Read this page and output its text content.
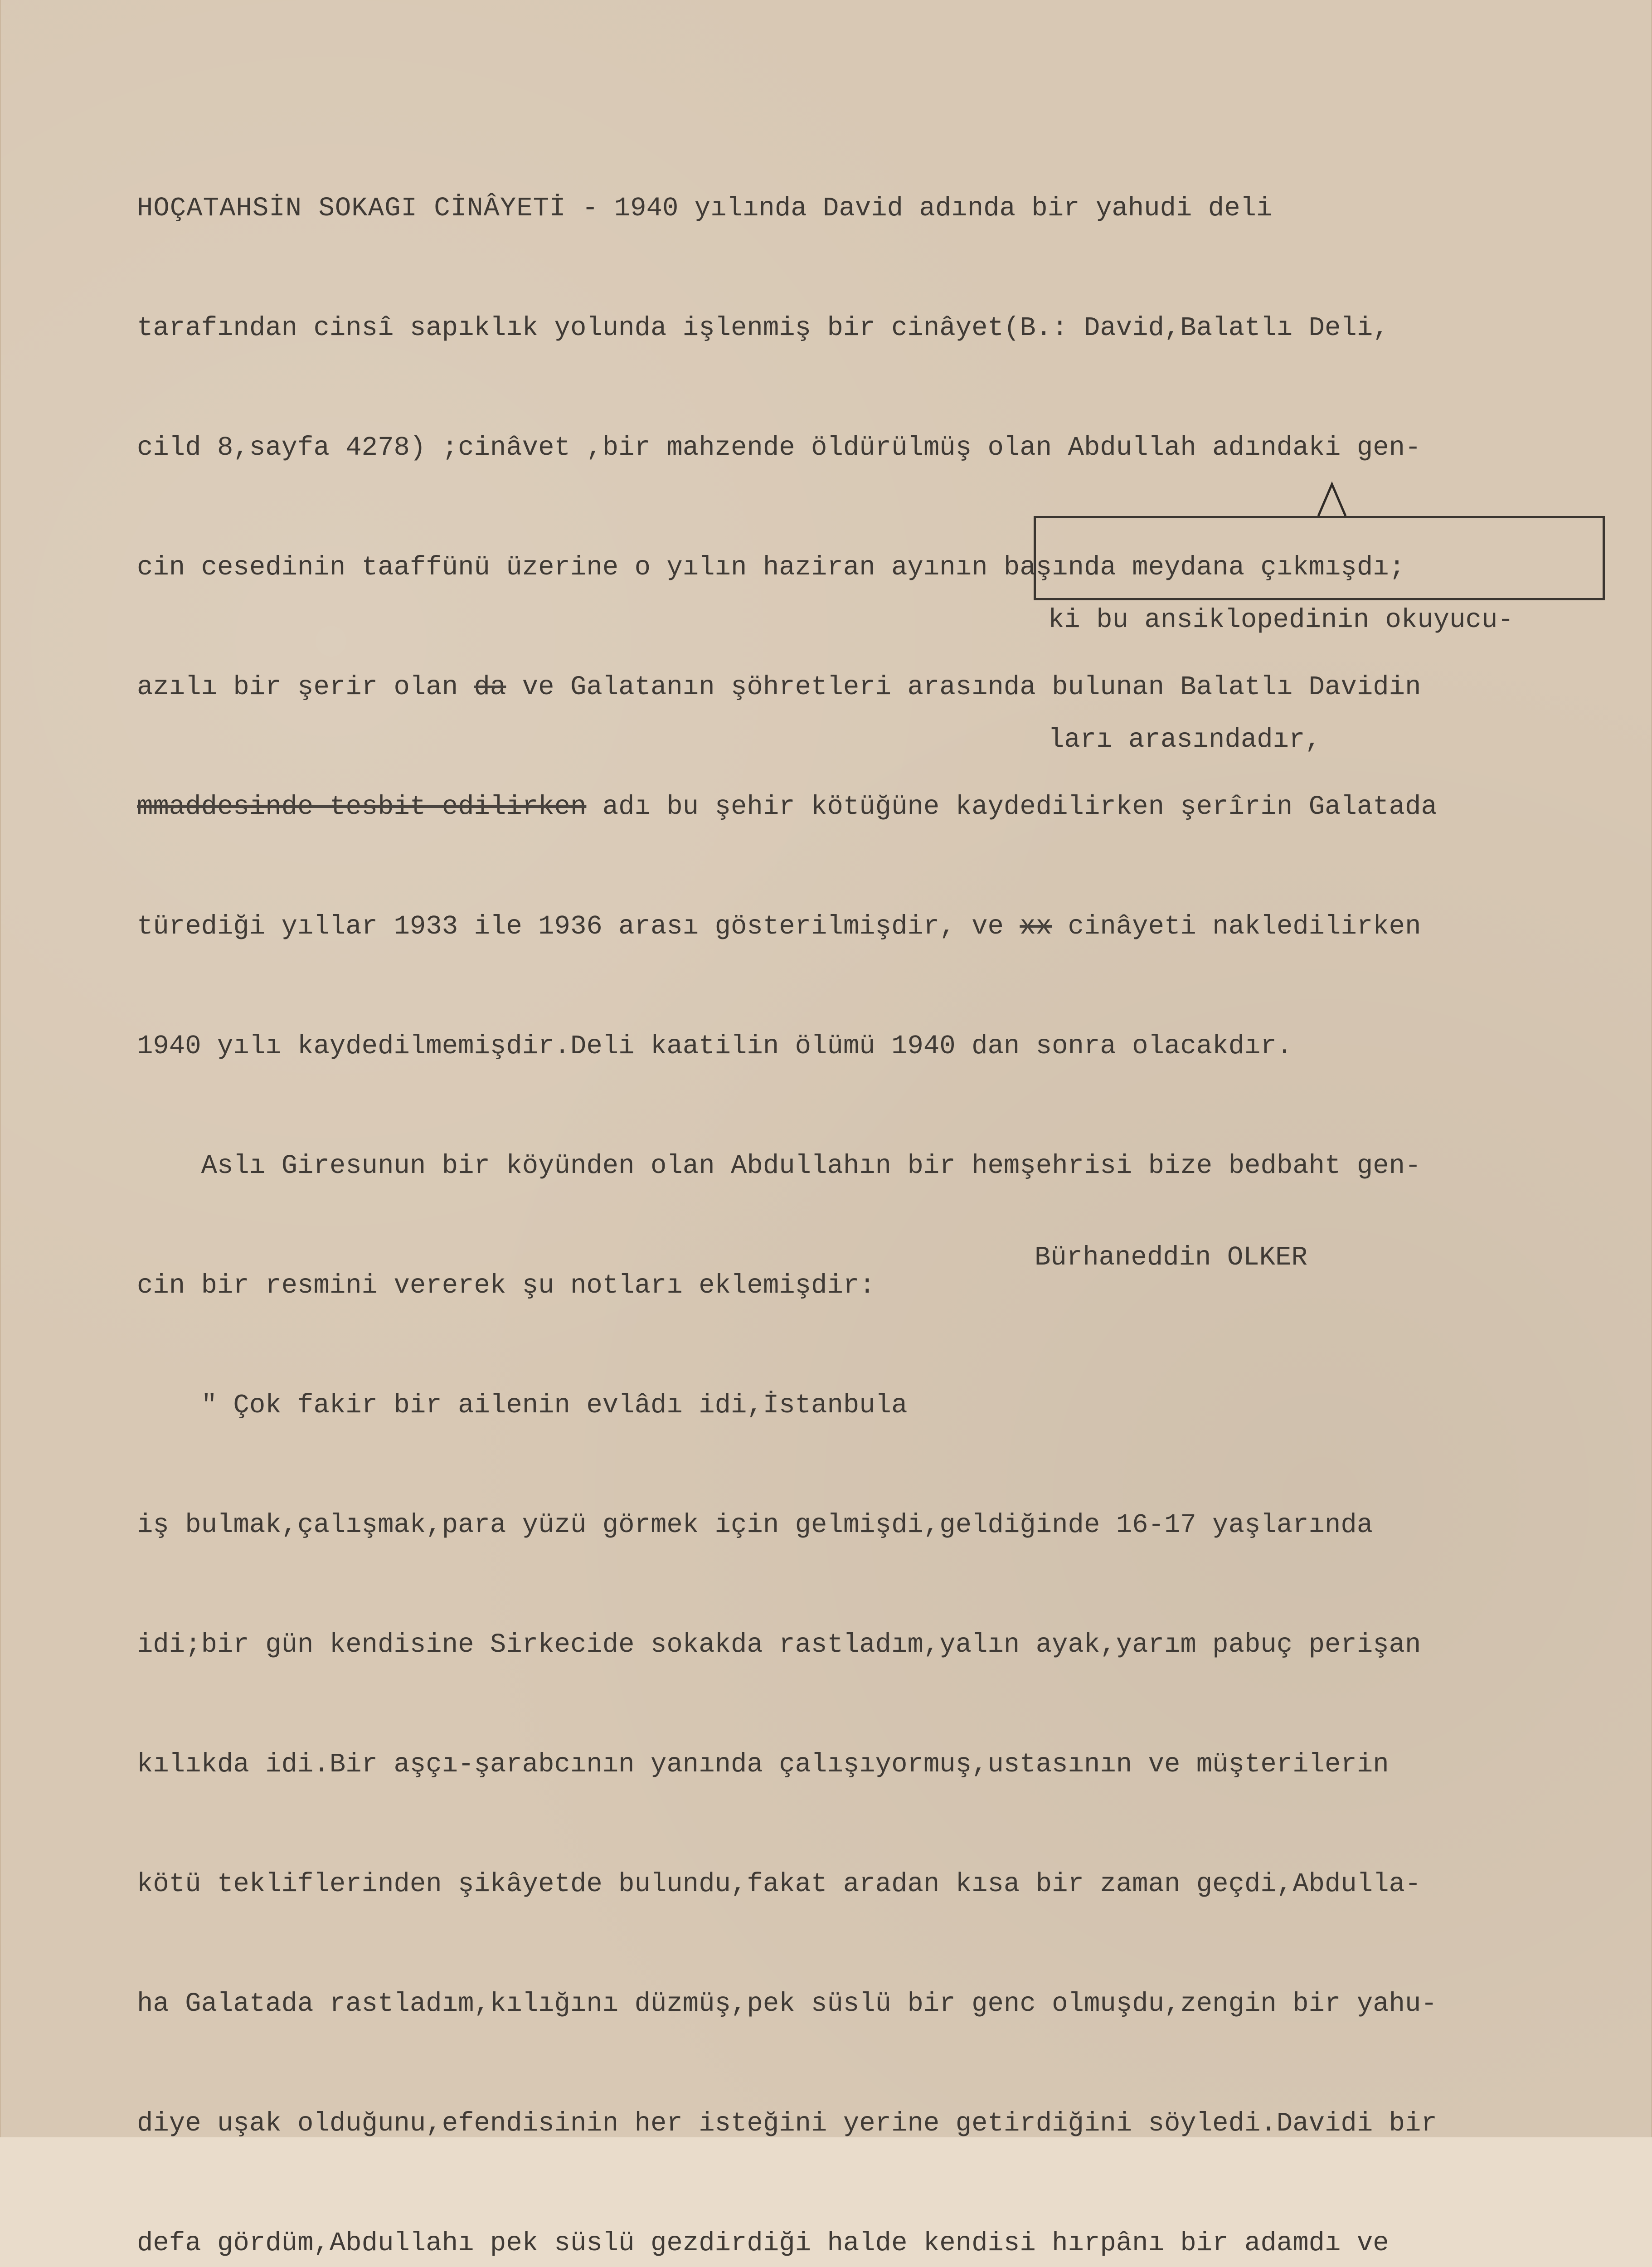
HOÇATAHSİN SOKAGI CİNÂYETİ - 1940 yılında David adında bir yahudi deli

tarafından cinsî sapıklık yolunda işlenmiş bir cinâyet(B.: David,Balatlı Deli,

cild 8,sayfa 4278) ;cinâvet ,bir mahzende öldürülmüş olan Abdullah adındaki gen-

cin cesedinin taaffünü üzerine o yılın haziran ayının başında meydana çıkmışdı;

azılı bir şerir olan da ve Galatanın şöhretleri arasında bulunan Balatlı Davidin

mmaddesinde tesbit edilirken adı bu şehir kötüğüne kaydedilirken şerîrin Galatada

türediği yıllar 1933 ile 1936 arası gösterilmişdir, ve xx cinâyeti nakledilirken

1940 yılı kaydedilmemişdir.Deli kaatilin ölümü 1940 dan sonra olacakdır.

Aslı Giresunun bir köyünden olan Abdullahın bir hemşehrisi bize bedbaht gen-

cin bir resmini vererek şu notları eklemişdir:

" Çok fakir bir ailenin evlâdı idi,İstanbula

iş bulmak,çalışmak,para yüzü görmek için gelmişdi,geldiğinde 16-17 yaşlarında

idi;bir gün kendisine Sirkecide sokakda rastladım,yalın ayak,yarım pabuç perişan

kılıkda idi.Bir aşçı-şarabcının yanında çalışıyormuş,ustasının ve müşterilerin

kötü tekliflerinden şikâyetde bulundu,fakat aradan kısa bir zaman geçdi,Abdulla-

ha Galatada rastladım,kılığını düzmüş,pek süslü bir genc olmuşdu,zengin bir yahu-

diye uşak olduğunu,efendisinin her isteğini yerine getirdiğini söyledi.Davidi bir

defa gördüm,Abdullahı pek süslü gezdirdiği halde kendisi hırpânı bir adamdı ve

ki bu ansiklopedinin okuyucu-

ları arasındadır,

Bürhaneddin OLKER
